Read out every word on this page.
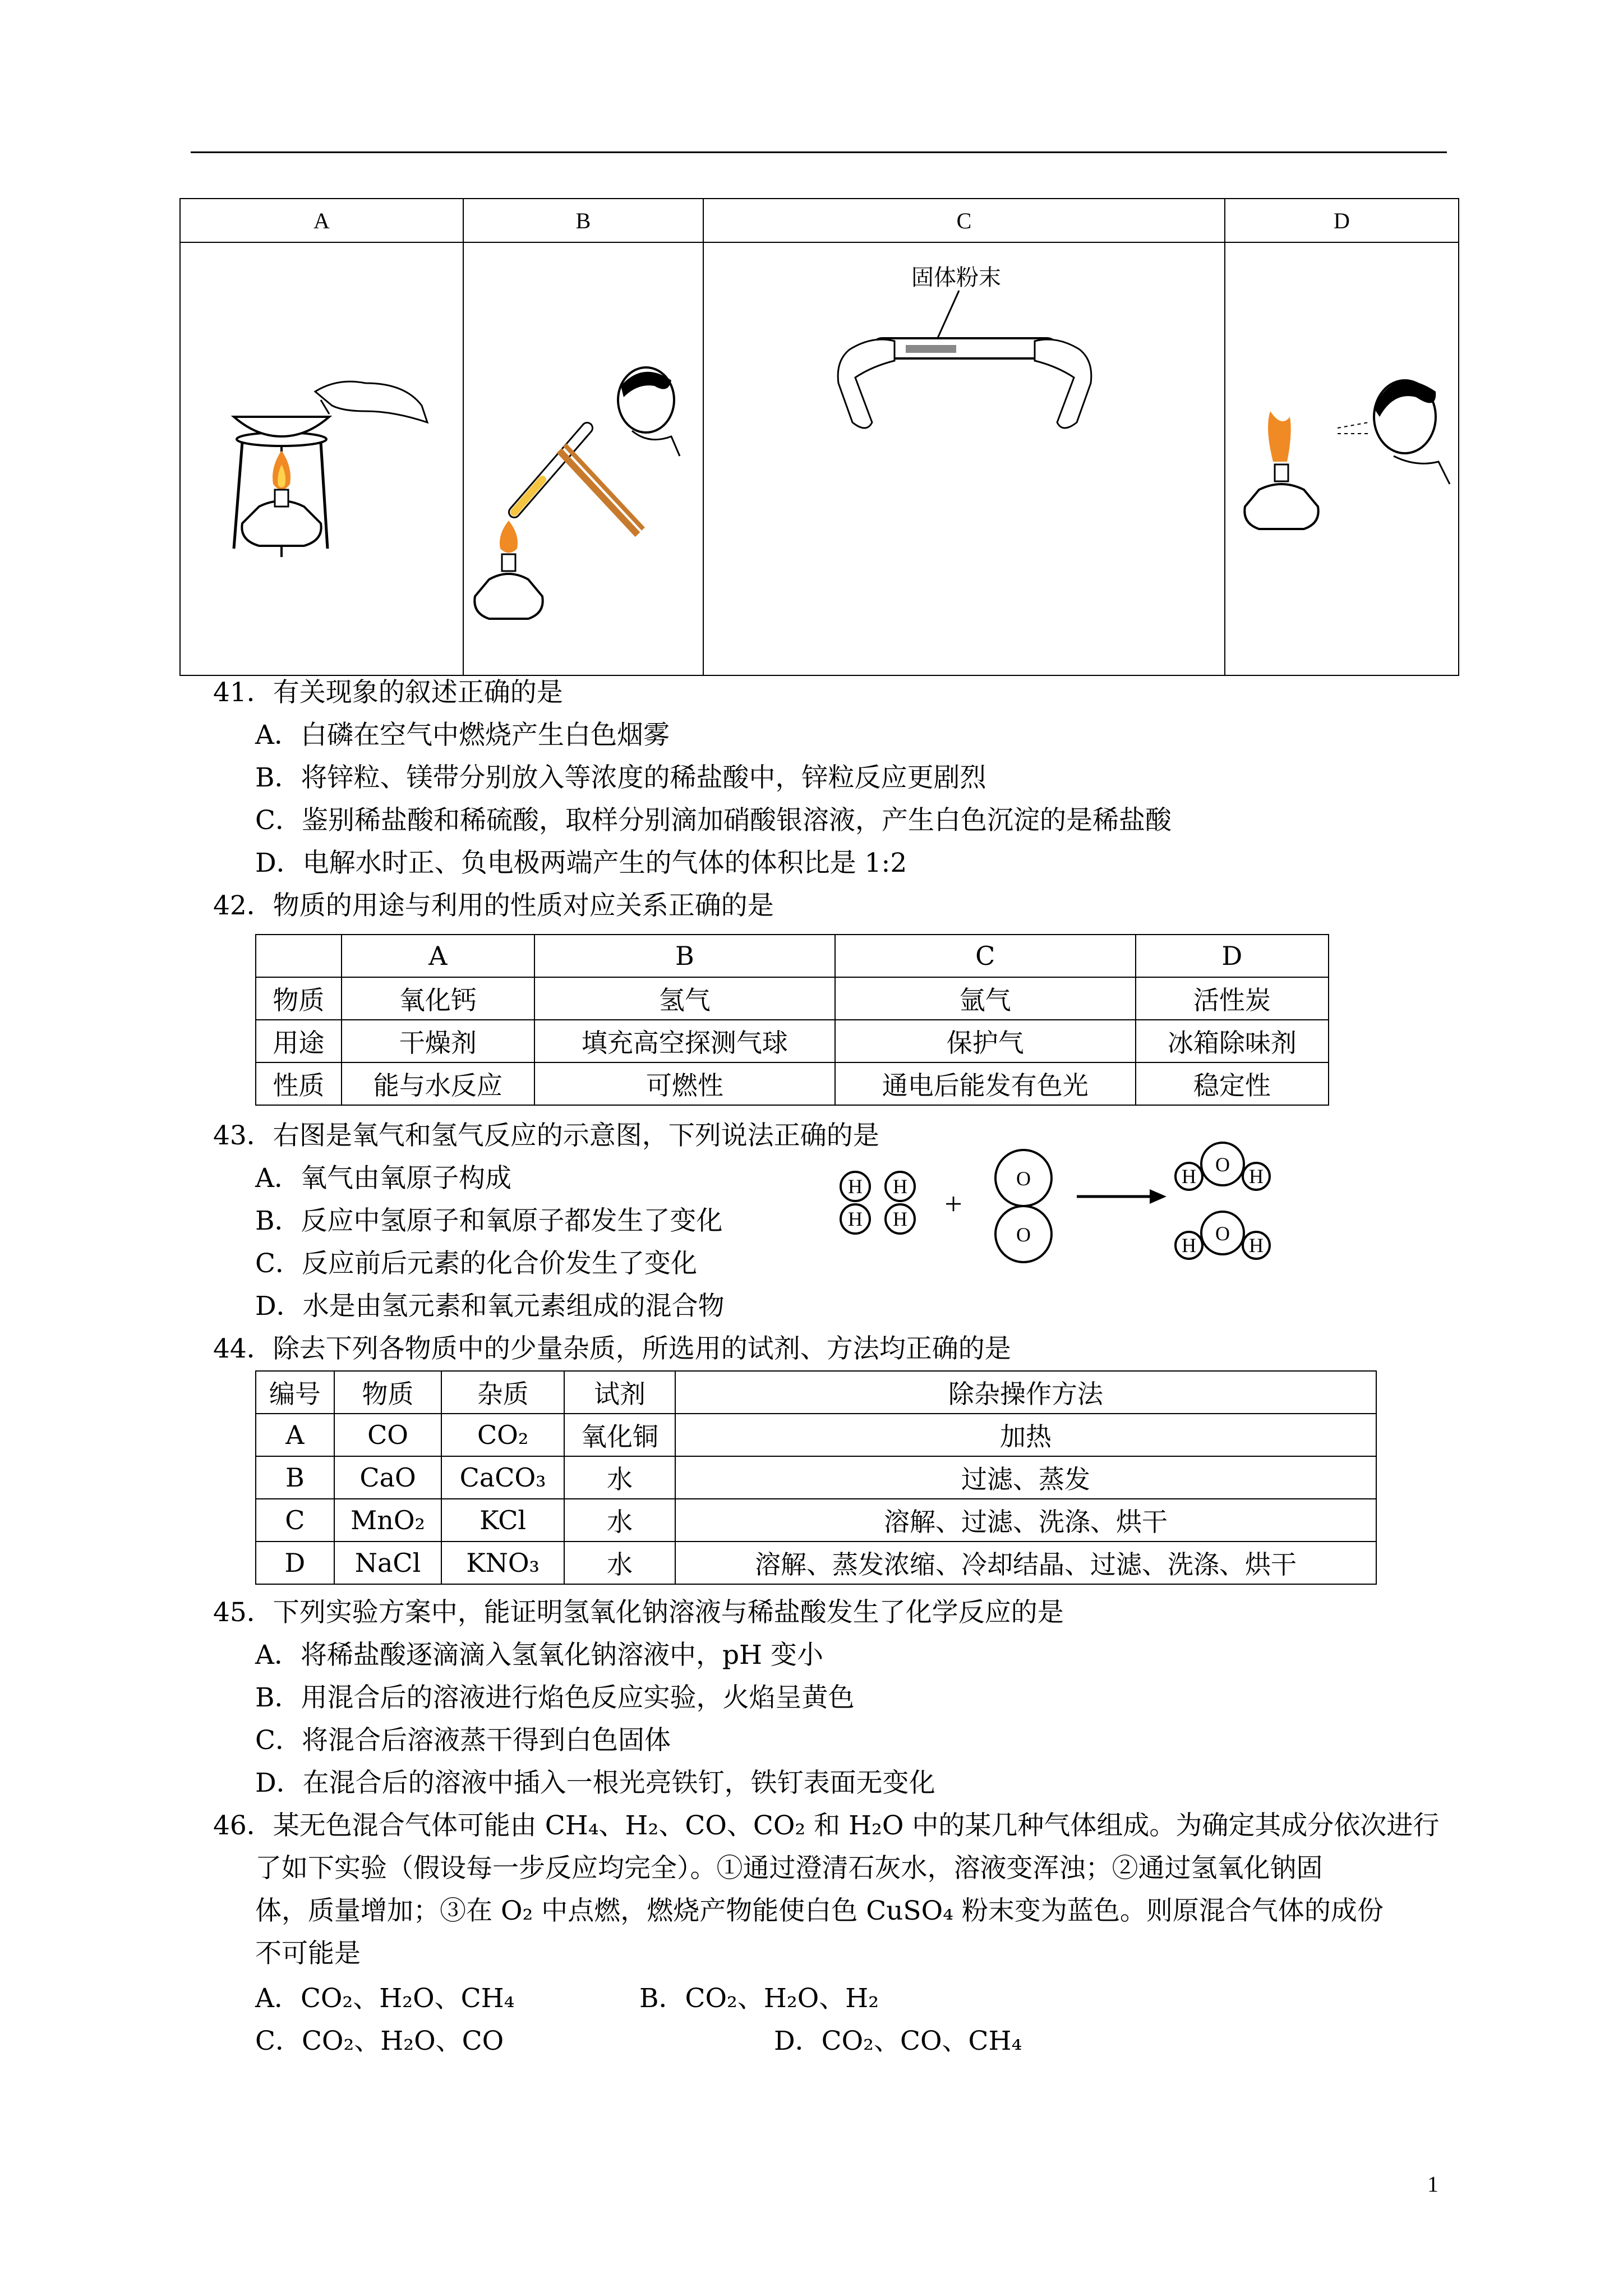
A	B	C	D

固体粉末

41．有关现象的叙述正确的是
A．白磷在空气中燃烧产生白色烟雾
B．将锌粒、镁带分别放入等浓度的稀盐酸中，锌粒反应更剧烈
C．鉴别稀盐酸和稀硫酸，取样分别滴加硝酸银溶液，产生白色沉淀的是稀盐酸
D．电解水时正、负电极两端产生的气体的体积比是 1:2
42．物质的用途与利用的性质对应关系正确的是
	A	B	C	D
物质	氧化钙	氢气	氩气	活性炭
用途	干燥剂	填充高空探测气球	保护气	冰箱除味剂
性质	能与水反应	可燃性	通电后能发有色光	稳定性
43．右图是氧气和氢气反应的示意图，下列说法正确的是
A．氧气由氧原子构成
B．反应中氢原子和氧原子都发生了变化
C．反应前后元素的化合价发生了变化
D．水是由氢元素和氧元素组成的混合物
H
H
H
H +
O
O
O
H	H
O
H	H
44．除去下列各物质中的少量杂质，所选用的试剂、方法均正确的是
编号	物质	杂质	试剂	除杂操作方法
A	CO	CO₂	氧化铜	加热
B	CaO	CaCO₃	水	过滤、蒸发
C	MnO₂	KCl	水	溶解、过滤、洗涤、烘干
D	NaCl	KNO₃	水	溶解、蒸发浓缩、冷却结晶、过滤、洗涤、烘干
45．下列实验方案中，能证明氢氧化钠溶液与稀盐酸发生了化学反应的是
A．将稀盐酸逐滴滴入氢氧化钠溶液中，pH 变小
B．用混合后的溶液进行焰色反应实验，火焰呈黄色
C．将混合后溶液蒸干得到白色固体
D．在混合后的溶液中插入一根光亮铁钉，铁钉表面无变化
46．某无色混合气体可能由 CH₄、H₂、CO、CO₂ 和 H₂O 中的某几种气体组成。为确定其成分依次进行
了如下实验（假设每一步反应均完全）。①通过澄清石灰水，溶液变浑浊；②通过氢氧化钠固
体，质量增加；③在 O₂ 中点燃，燃烧产物能使白色 CuSO₄ 粉末变为蓝色。则原混合气体的成份
不可能是
A．CO₂、H₂O、CH₄	B．CO₂、H₂O、H₂
C．CO₂、H₂O、CO	D．CO₂、CO、CH₄
1
